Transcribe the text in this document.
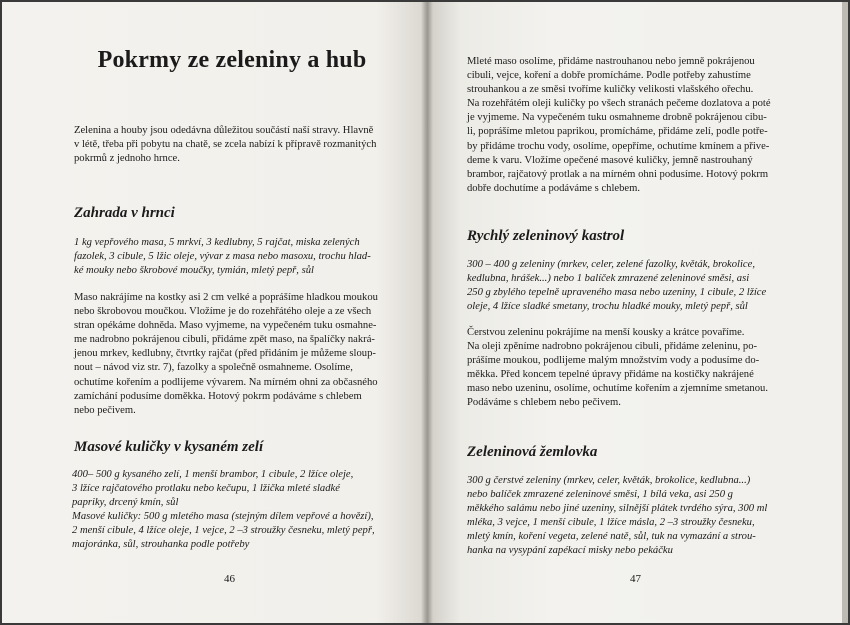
Pokrmy ze zeleniny a hub

Zelenina a houby jsou odedávna důležitou součástí naší stravy. Hlavně
v létě, třeba při pobytu na chatě, se zcela nabízí k přípravě rozmanitých
pokrmů z jednoho hrnce.

Zahrada v hrnci

1 kg vepřového masa, 5 mrkví, 3 kedlubny, 5 rajčat, miska zelených
fazolek, 3 cibule, 5 lžic oleje, vývar z masa nebo masoxu, trochu hlad-
ké mouky nebo škrobové moučky, tymián, mletý pepř, sůl

Maso nakrájíme na kostky asi 2 cm velké a poprášíme hladkou moukou
nebo škrobovou moučkou. Vložíme je do rozehřátého oleje a ze všech
stran opékáme dohněda. Maso vyjmeme, na vypečeném tuku osmahne-
me nadrobno pokrájenou cibuli, přidáme zpět maso, na špalíčky nakrá-
jenou mrkev, kedlubny, čtvrtky rajčat (před přidáním je můžeme sloup-
nout – návod viz str. 7), fazolky a společně osmahneme. Osolíme,
ochutíme kořením a podlijeme vývarem. Na mírném ohni za občasného
zamíchání podusíme doměkka. Hotový pokrm podáváme s chlebem
nebo pečivem.

Masové kuličky v kysaném zelí

400– 500 g kysaného zelí, 1 menší brambor, 1 cibule, 2 lžíce oleje,
3 lžíce rajčatového protlaku nebo kečupu, 1 lžička mleté sladké
papriky, drcený kmín, sůl
Masové kuličky: 500 g mletého masa (stejným dílem vepřové a hovězí),
2 menší cibule, 4 lžíce oleje, 1 vejce, 2 –3 stroužky česneku, mletý pepř,
majoránka, sůl, strouhanka podle potřeby

46

Mleté maso osolíme, přidáme nastrouhanou nebo jemně pokrájenou
cibuli, vejce, koření a dobře promícháme. Podle potřeby zahustíme
strouhankou a ze směsi tvoříme kuličky velikosti vlašského ořechu.
Na rozehřátém oleji kuličky po všech stranách pečeme dozlatova a poté
je vyjmeme. Na vypečeném tuku osmahneme drobně pokrájenou cibu-
li, poprášíme mletou paprikou, promícháme, přidáme zelí, podle potře-
by přidáme trochu vody, osolíme, opepříme, ochutíme kmínem a přive-
deme k varu. Vložíme opečené masové kuličky, jemně nastrouhaný
brambor, rajčatový protlak a na mírném ohni podusíme. Hotový pokrm
dobře dochutíme a podáváme s chlebem.

Rychlý zeleninový kastrol

300 – 400 g zeleniny (mrkev, celer, zelené fazolky, květák, brokolice,
kedlubna, hrášek...) nebo 1 balíček zmrazené zeleninové směsi, asi
250 g zbylého tepelně upraveného masa nebo uzeniny, 1 cibule, 2 lžíce
oleje, 4 lžíce sladké smetany, trochu hladké mouky, mletý pepř, sůl

Čerstvou zeleninu pokrájíme na menší kousky a krátce povaříme.
Na oleji zpěníme nadrobno pokrájenou cibuli, přidáme zeleninu, po-
prášíme moukou, podlijeme malým množstvím vody a podusíme do-
měkka. Před koncem tepelné úpravy přidáme na kostičky nakrájené
maso nebo uzeninu, osolíme, ochutíme kořením a zjemníme smetanou.
Podáváme s chlebem nebo pečivem.

Zeleninová žemlovka

300 g čerstvé zeleniny (mrkev, celer, květák, brokolice, kedlubna...)
nebo balíček zmrazené zeleninové směsi, 1 bílá veka, asi 250 g
měkkého salámu nebo jiné uzeniny, silnější plátek tvrdého sýra, 300 ml
mléka, 3 vejce, 1 menší cibule, 1 lžíce másla, 2 –3 stroužky česneku,
mletý kmín, koření vegeta, zelené natě, sůl, tuk na vymazání a strou-
hanka na vysypání zapékací misky nebo pekáčku

47
